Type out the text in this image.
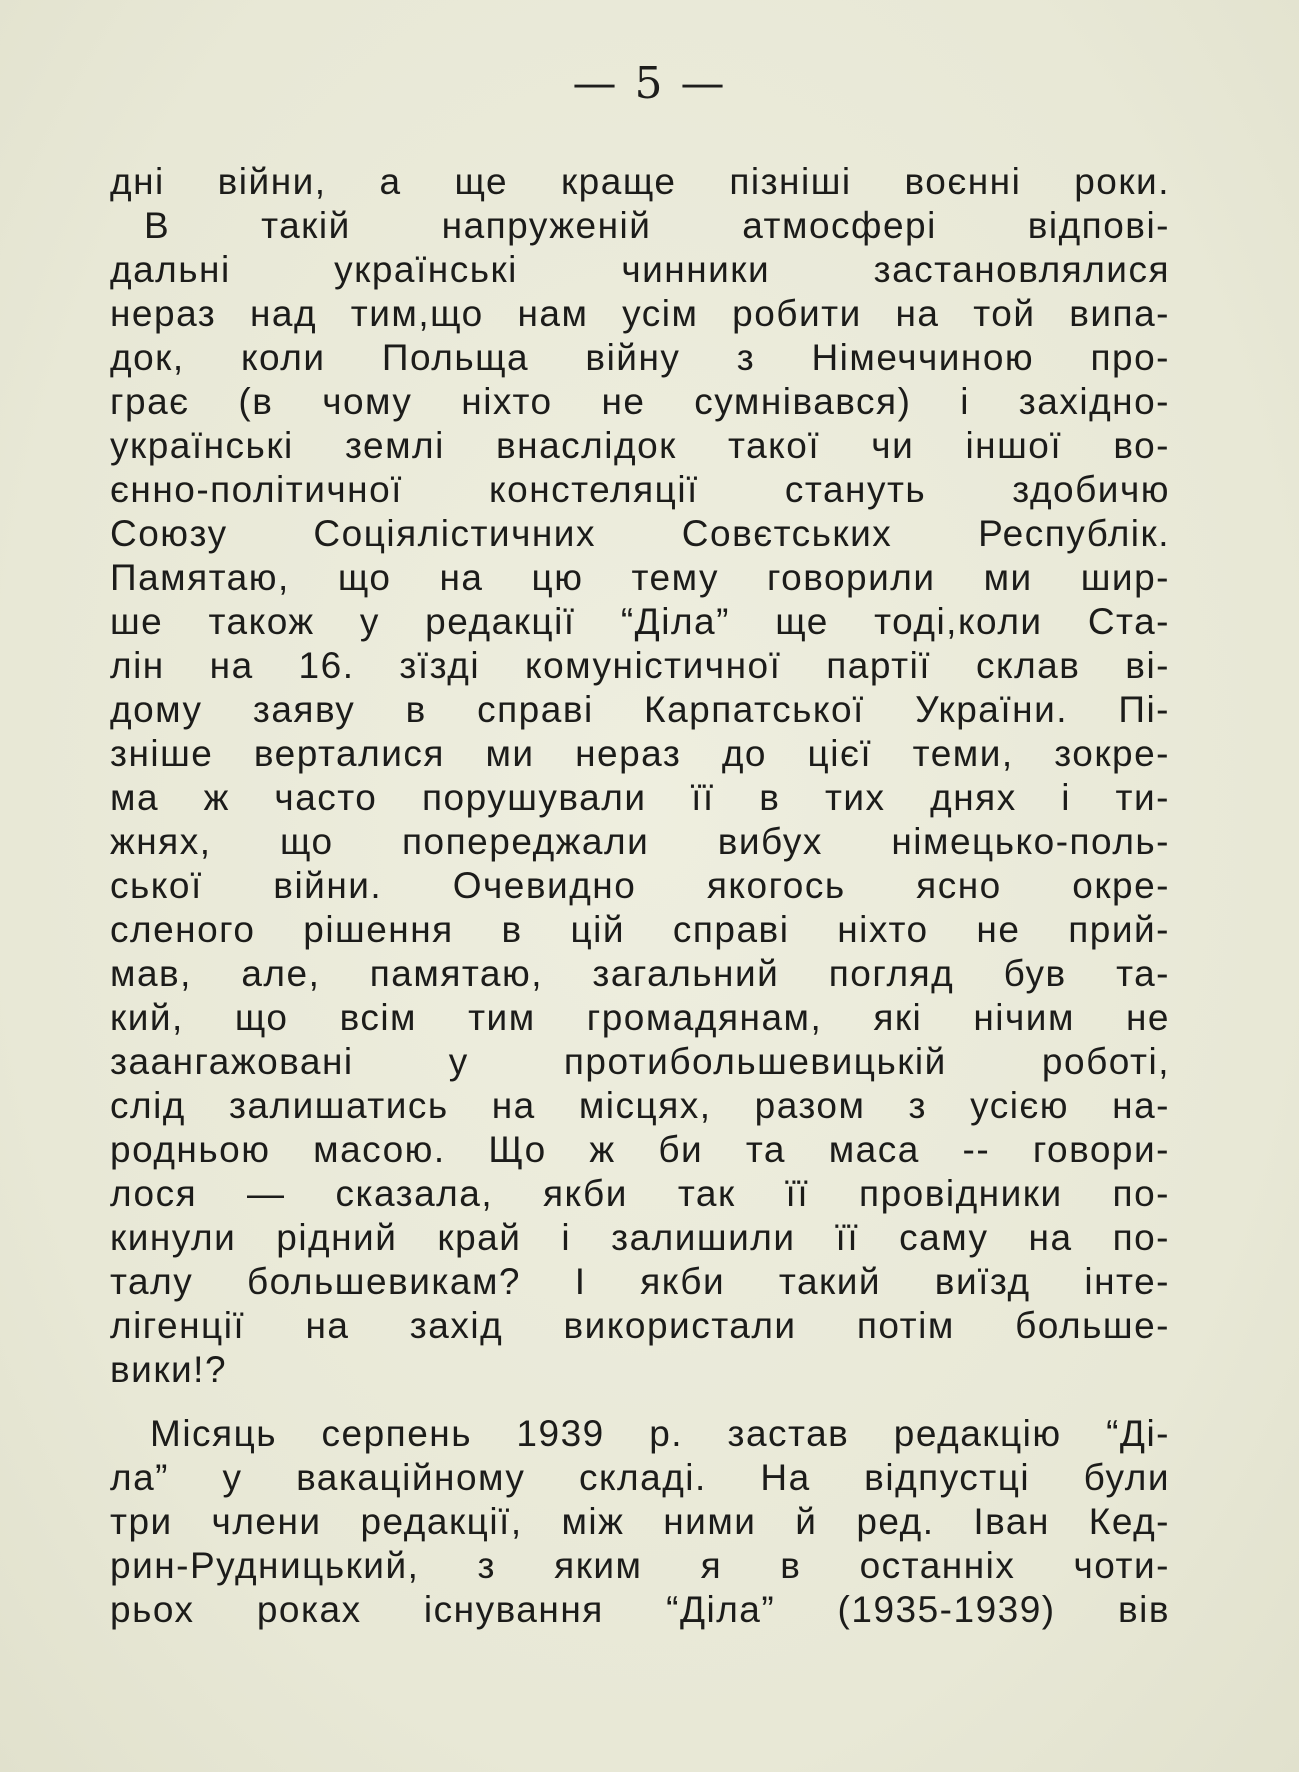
— 5 —
дні війни, а ще краще пізніші воєнні роки.
В такій напруженій атмосфері відпові-
дальні українські чинники застановлялися
нераз над тим,що нам усім робити на той випа-
док, коли Польща війну з Німеччиною про-
грає (в чому ніхто не сумнівався) і західно-
українські землі внаслідок такої чи іншої во-
єнно-політичної констеляції стануть здобичю
Союзу Соціялістичних Совєтських Республік.
Памятаю, що на цю тему говорили ми шир-
ше також у редакції “Діла” ще тоді,коли Ста-
лін на 16. зїзді комуністичної партії склав ві-
дому заяву в справі Карпатської України. Пі-
зніше верталися ми нераз до цієї теми, зокре-
ма ж часто порушували її в тих днях і ти-
жнях, що попереджали вибух німецько-поль-
ської війни. Очевидно якогось ясно окре-
сленого рішення в цій справі ніхто не прий-
мав, але, памятаю, загальний погляд був та-
кий, що всім тим громадянам, які нічим не
заангажовані у протибольшевицькій роботі,
слід залишатись на місцях, разом з усією на-
родньою масою. Що ж би та маса -- говори-
лося — сказала, якби так її провідники по-
кинули рідний край і залишили її саму на по-
талу большевикам? І якби такий виїзд інте-
лігенції на захід використали потім больше-
вики!?
Місяць серпень 1939 р. застав редакцію “Ді-
ла” у вакаційному складі. На відпустці були
три члени редакції, між ними й ред. Іван Кед-
рин-Рудницький, з яким я в останніх чоти-
рьох роках існування “Діла” (1935-1939) вів
